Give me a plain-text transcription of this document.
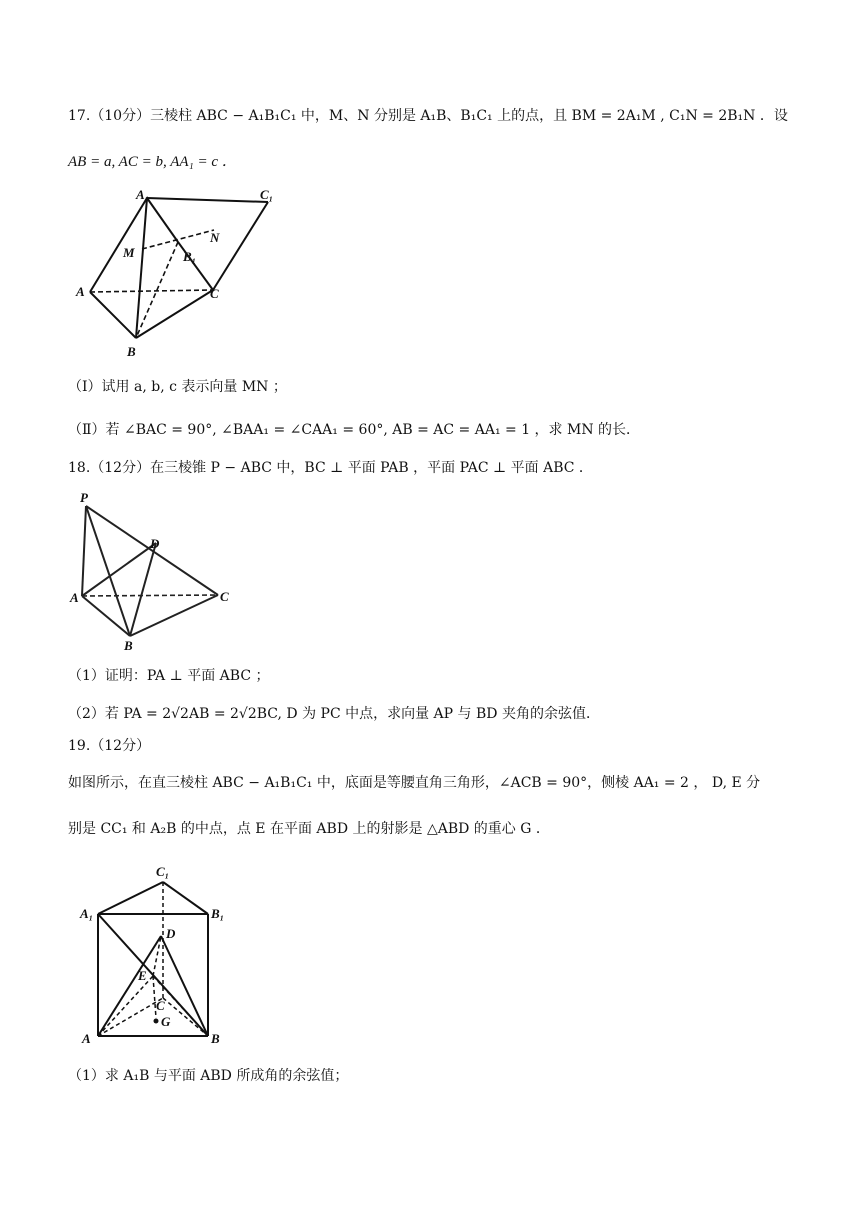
17.（10分）三棱柱 ABC − A₁B₁C₁ 中，M、N 分别是 A₁B、B₁C₁ 上的点，且 BM = 2A₁M , C₁N = 2B₁N ．设
AB = a, AC = b, AA₁ = c ．
A₁	C₁
M
N
B₁
A	C
B
（Ⅰ）试用 a, b, c 表示向量 MN ；
（Ⅱ）若 ∠BAC = 90°, ∠BAA₁ = ∠CAA₁ = 60°, AB = AC = AA₁ = 1 ，求 MN 的长．
18.（12分）在三棱锥 P − ABC 中，BC ⊥ 平面 PAB ，平面 PAC ⊥ 平面 ABC ．
P
D
A	C
B
（1）证明：PA ⊥ 平面 ABC ；
（2）若 PA = 2√2AB = 2√2BC, D 为 PC 中点，求向量 AP 与 BD 夹角的余弦值．
19.（12分）
如图所示，在直三棱柱 ABC − A₁B₁C₁ 中，底面是等腰直角三角形，∠ACB = 90°，侧棱 AA₁ = 2 ， D, E 分
别是 CC₁ 和 A₂B 的中点，点 E 在平面 ABD 上的射影是 △ABD 的重心 G ．
C₁
A₁	B₁
D
E
C
G
A	B
（1）求 A₁B 与平面 ABD 所成角的余弦值；
